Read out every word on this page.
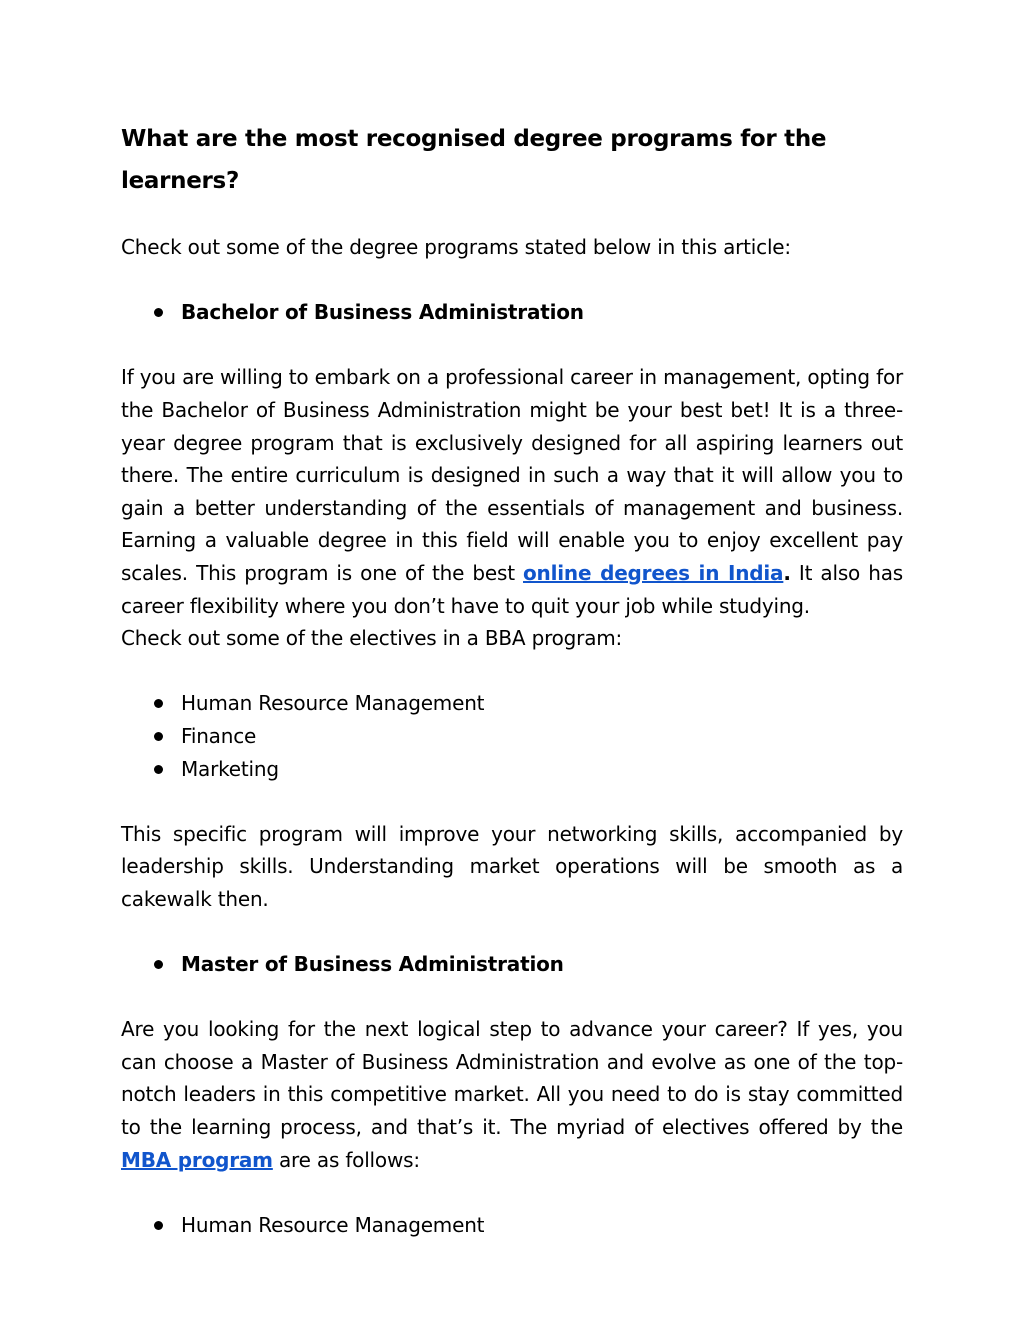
What are the most recognised degree programs for the learners?

Check out some of the degree programs stated below in this article:

Bachelor of Business Administration

If you are willing to embark on a professional career in management, opting for the Bachelor of Business Administration might be your best bet! It is a three-year degree program that is exclusively designed for all aspiring learners out there. The entire curriculum is designed in such a way that it will allow you to gain a better understanding of the essentials of management and business. Earning a valuable degree in this field will enable you to enjoy excellent pay scales. This program is one of the best online degrees in India. It also has career flexibility where you don’t have to quit your job while studying.

Check out some of the electives in a BBA program:

Human Resource Management
Finance
Marketing

This specific program will improve your networking skills, accompanied by leadership skills. Understanding market operations will be smooth as a cakewalk then.

Master of Business Administration

Are you looking for the next logical step to advance your career? If yes, you can choose a Master of Business Administration and evolve as one of the top-notch leaders in this competitive market. All you need to do is stay committed to the learning process, and that’s it. The myriad of electives offered by the MBA program are as follows:

Human Resource Management
